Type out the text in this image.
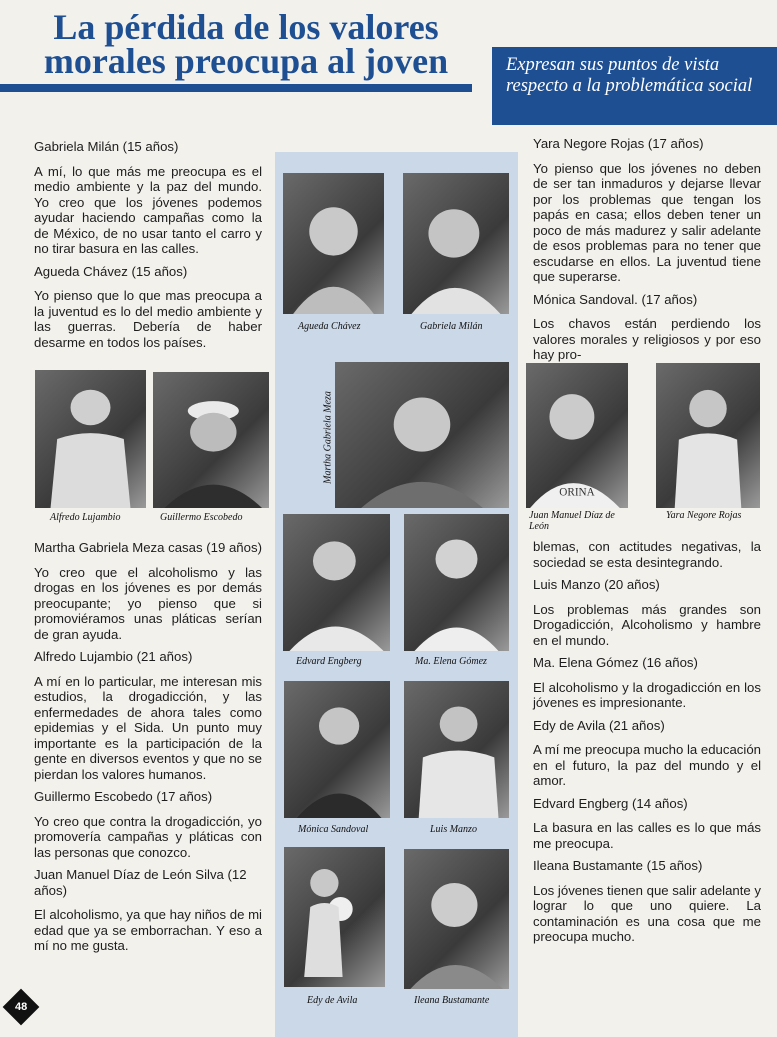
La pérdida de los valores
morales preocupa al joven	Expresan sus puntos de vista respecto a la problemática social

Gabriela Milán (15 años)

A mí, lo que más me preocupa es el medio ambiente y la paz del mundo. Yo creo que los jóvenes podemos ayudar haciendo campañas como la de México, de no usar tanto el carro y no tirar basura en las calles.

Agueda Chávez (15 años)

Yo pienso que lo que mas preocupa a la juventud es lo del medio ambiente y las guerras. Debería de haber desarme en todos los países.

Martha Gabriela Meza casas (19 años)

Yo creo que el alcoholismo y las drogas en los jóvenes es por demás preocupante; yo pienso que si promoviéramos unas pláticas serían de gran ayuda.

Alfredo Lujambio (21 años)

A mí en lo particular, me interesan mis estudios, la drogadicción, y las enfermedades de ahora tales como epidemias y el Sida. Un punto muy importante es la participación de la gente en diversos eventos y que no se pierdan los valores humanos.

Guillermo Escobedo (17 años)

Yo creo que contra la drogadicción, yo promovería campañas y pláticas con las personas que conozco.

Juan Manuel Díaz de León Silva (12 años)

El alcoholismo, ya que hay niños de mi edad que ya se emborrachan. Y eso a mí no me gusta.

Yara Negore Rojas (17 años)

Yo pienso que los jóvenes no deben de ser tan inmaduros y dejarse llevar por los problemas que tengan los papás en casa; ellos deben tener un poco de más madurez y salir adelante de esos problemas para no tener que escudarse en ellos. La juventud tiene que superarse.

Mónica Sandoval. (17 años)

Los chavos están perdiendo los valores morales y religiosos y por eso hay pro-

blemas, con actitudes negativas, la sociedad se esta desintegrando.

Luis Manzo (20 años)

Los problemas más grandes son Drogadicción, Alcoholismo y hambre en el mundo.

Ma. Elena Gómez (16 años)

El alcoholismo y la drogadicción en los jóvenes es impresionante.

Edy de Avila (21 años)

A mí me preocupa mucho la educación en el futuro, la paz del mundo y el amor.

Edvard Engberg (14 años)

La basura en las calles es lo que más me preocupa.

Ileana Bustamante (15 años)

Los jóvenes tienen que salir adelante y lograr lo que uno quiere. La contaminación es una cosa que me preocupa mucho.

Agueda Chávez	Gabriela Milán
Alfredo Lujambio	Guillermo Escobedo
Martha Gabriela Meza
ORINA
Juan Manuel Díaz de León
Yara Negore Rojas
Edvard Engberg	Ma. Elena Gómez
Mónica Sandoval	Luis Manzo
Edy de Avila	Ileana Bustamante
48
